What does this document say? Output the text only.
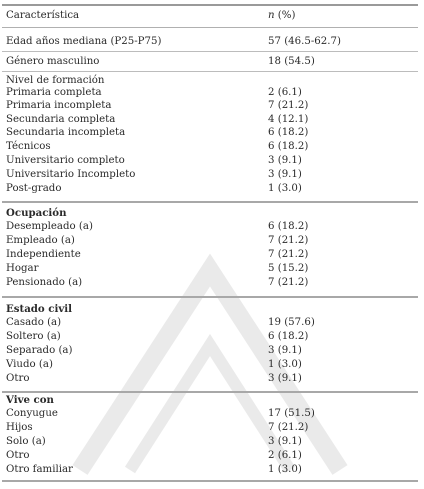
Característica	n (%)
Edad años mediana (P25-P75)	57 (46.5-62.7)
Género masculino	18 (54.5)
Nivel de formación
Primaria completa	2 (6.1)
Primaria incompleta	7 (21.2)
Secundaria completa	4 (12.1)
Secundaria incompleta	6 (18.2)
Técnicos	6 (18.2)
Universitario completo	3 (9.1)
Universitario Incompleto	3 (9.1)
Post-grado	1 (3.0)
Ocupación
Desempleado (a)	6 (18.2)
Empleado (a)	7 (21.2)
Independiente	7 (21.2)
Hogar	5 (15.2)
Pensionado (a)	7 (21.2)
Estado civil
Casado (a)	19 (57.6)
Soltero (a)	6 (18.2)
Separado (a)	3 (9.1)
Viudo (a)	1 (3.0)
Otro	3 (9.1)
Vive con
Conyugue	17 (51.5)
Hijos	7 (21.2)
Solo (a)	3 (9.1)
Otro	2 (6.1)
Otro familiar	1 (3.0)
